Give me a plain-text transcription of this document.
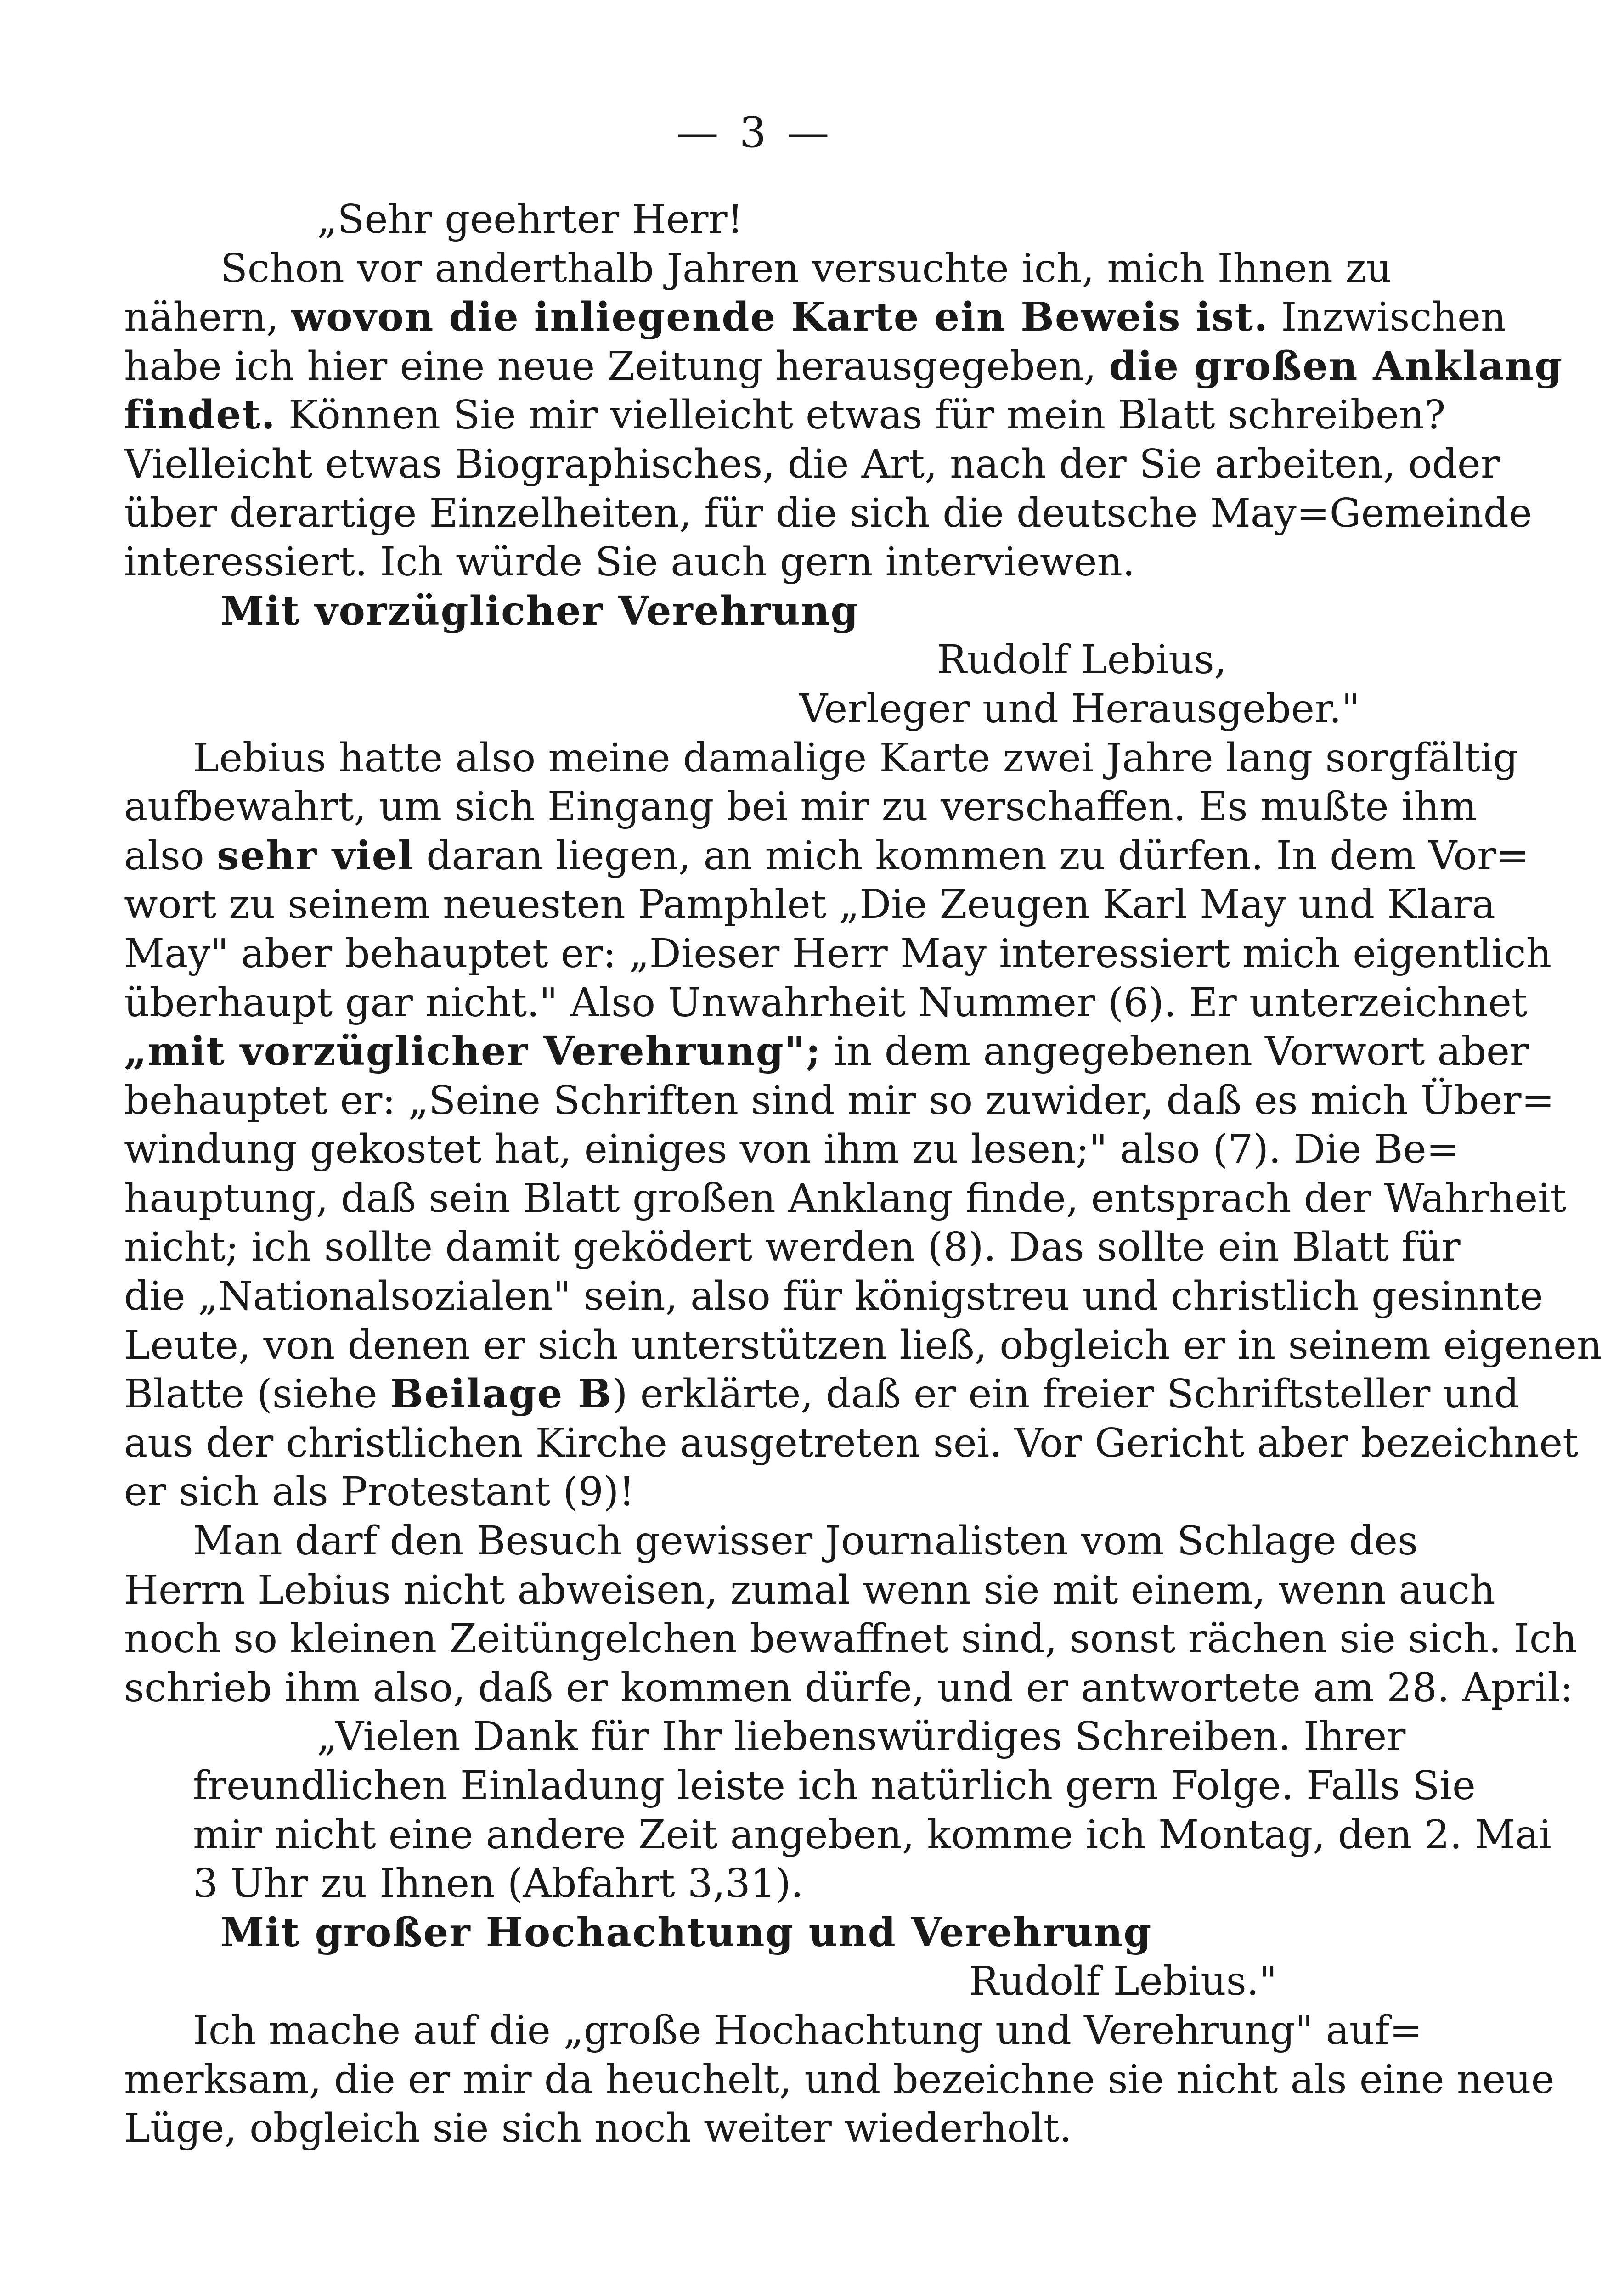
— 3 —
„Sehr geehrter Herr!
Schon vor anderthalb Jahren versuchte ich, mich Ihnen zu
nähern, wovon die inliegende Karte ein Beweis ist. Inzwischen
habe ich hier eine neue Zeitung herausgegeben, die großen Anklang
findet. Können Sie mir vielleicht etwas für mein Blatt schreiben?
Vielleicht etwas Biographisches, die Art, nach der Sie arbeiten, oder
über derartige Einzelheiten, für die sich die deutsche May=Gemeinde
interessiert. Ich würde Sie auch gern interviewen.
Mit vorzüglicher Verehrung
Rudolf Lebius,
Verleger und Herausgeber."
Lebius hatte also meine damalige Karte zwei Jahre lang sorgfältig
aufbewahrt, um sich Eingang bei mir zu verschaffen. Es mußte ihm
also sehr viel daran liegen, an mich kommen zu dürfen. In dem Vor=
wort zu seinem neuesten Pamphlet „Die Zeugen Karl May und Klara
May" aber behauptet er: „Dieser Herr May interessiert mich eigentlich
überhaupt gar nicht." Also Unwahrheit Nummer (6). Er unterzeichnet
„mit vorzüglicher Verehrung"; in dem angegebenen Vorwort aber
behauptet er: „Seine Schriften sind mir so zuwider, daß es mich Über=
windung gekostet hat, einiges von ihm zu lesen;" also (7). Die Be=
hauptung, daß sein Blatt großen Anklang finde, entsprach der Wahrheit
nicht; ich sollte damit geködert werden (8). Das sollte ein Blatt für
die „Nationalsozialen" sein, also für königstreu und christlich gesinnte
Leute, von denen er sich unterstützen ließ, obgleich er in seinem eigenen
Blatte (siehe Beilage B) erklärte, daß er ein freier Schriftsteller und
aus der christlichen Kirche ausgetreten sei. Vor Gericht aber bezeichnet
er sich als Protestant (9)!
Man darf den Besuch gewisser Journalisten vom Schlage des
Herrn Lebius nicht abweisen, zumal wenn sie mit einem, wenn auch
noch so kleinen Zeitüngelchen bewaffnet sind, sonst rächen sie sich. Ich
schrieb ihm also, daß er kommen dürfe, und er antwortete am 28. April:
„Vielen Dank für Ihr liebenswürdiges Schreiben. Ihrer
freundlichen Einladung leiste ich natürlich gern Folge. Falls Sie
mir nicht eine andere Zeit angeben, komme ich Montag, den 2. Mai
3 Uhr zu Ihnen (Abfahrt 3,31).
Mit großer Hochachtung und Verehrung
Rudolf Lebius."
Ich mache auf die „große Hochachtung und Verehrung" auf=
merksam, die er mir da heuchelt, und bezeichne sie nicht als eine neue
Lüge, obgleich sie sich noch weiter wiederholt.
